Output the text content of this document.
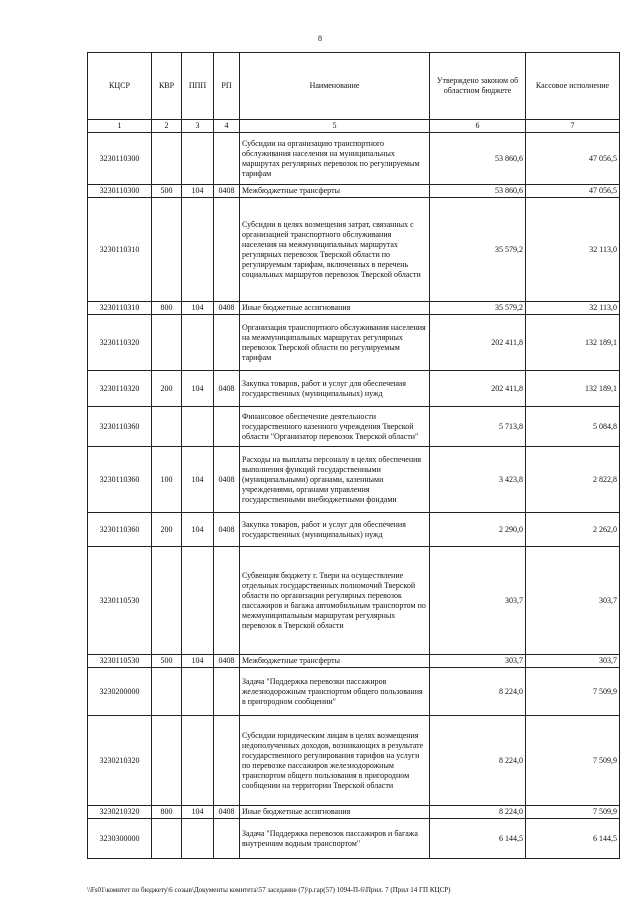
8
КЦСР	КВР	ППП	РП	Наименование	Утверждено законом об областном бюджете	Кассовое исполнение
1	2	3	4	5	6	7
3230110300				Субсидии на организацию транспортного обслуживания населения на муниципальных маршрутах регулярных перевозок по регулируемым тарифам	53 860,6	47 056,5
3230110300	500	104	0408	Межбюджетные трансферты	53 860,6	47 056,5
3230110310				Субсидии в целях возмещения затрат, связанных с организацией транспортного обслуживания населения на межмуниципальных маршрутах регулярных перевозок Тверской области по регулируемым тарифам, включенных в перечень социальных маршрутов перевозок Тверской области	35 579,2	32 113,0
3230110310	800	104	0408	Иные бюджетные ассигнования	35 579,2	32 113,0
3230110320				Организация транспортного обслуживания населения на межмуниципальных маршрутах регулярных перевозок Тверской области по регулируемым тарифам	202 411,8	132 189,1
3230110320	200	104	0408	Закупка товаров, работ и услуг для обеспечения государственных (муниципальных) нужд	202 411,8	132 189,1
3230110360				Финансовое обеспечение деятельности государственного казенного учреждения Тверской области "Организатор перевозок Тверской области"	5 713,8	5 084,8
3230110360	100	104	0408	Расходы на выплаты персоналу в целях обеспечения выполнения функций государственными (муниципальными) органами, казенными учреждениями, органами управления государственными внебюджетными фондами	3 423,8	2 822,8
3230110360	200	104	0408	Закупка товаров, работ и услуг для обеспечения государственных (муниципальных) нужд	2 290,0	2 262,0
3230110530				Субвенция бюджету г. Твери на осуществление отдельных государственных полномочий Тверской области по организации регулярных перевозок пассажиров и багажа автомобильным транспортом по межмуниципальным маршрутам регулярных перевозок в Тверской области	303,7	303,7
3230110530	500	104	0408	Межбюджетные трансферты	303,7	303,7
3230200000				Задача "Поддержка перевозки пассажиров железнодорожным транспортом общего пользования в пригородном сообщении"	8 224,0	7 509,9
3230210320				Субсидии юридическим лицам в целях возмещения недополученных доходов, возникающих в результате государственного регулирования тарифов на услуги по перевозке пассажиров железнодорожным транспортом общего пользования в пригородном сообщении на территории Тверской области	8 224,0	7 509,9
3230210320	800	104	0408	Иные бюджетные ассигнования	8 224,0	7 509,9
3230300000				Задача "Поддержка перевозок пассажиров и багажа внутренним водным транспортом"	6 144,5	6 144,5
\\Fs01\комитет по бюджету\6 созыв\Документы комитета\57 заседание (7)\р.гар(57) 1094-П-6\Прил. 7 (Прил 14 ГП КЦСР)
